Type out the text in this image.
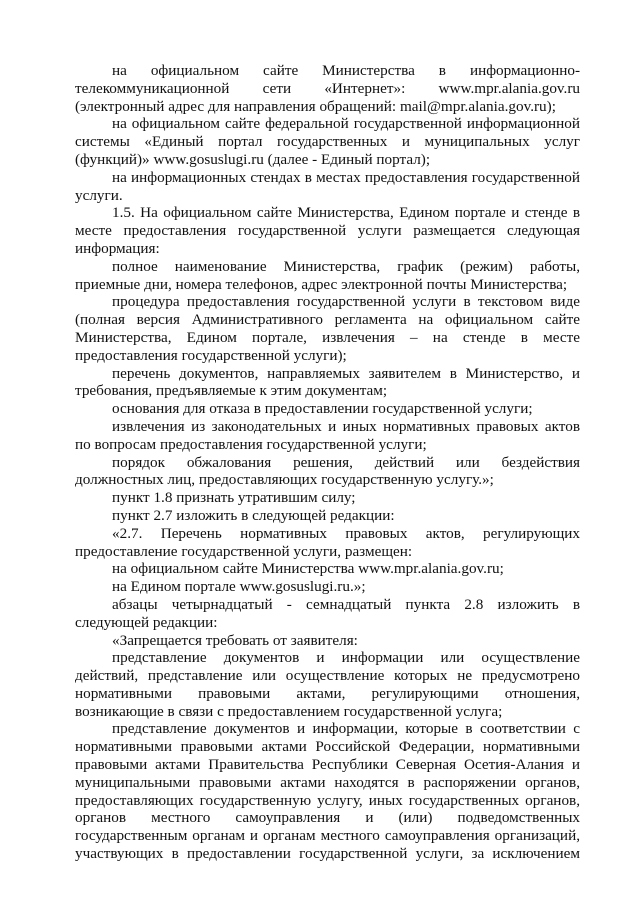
на официальном сайте Министерства в информационно-телекоммуникационной сети «Интернет»: www.mpr.alania.gov.ru (электронный адрес для направления обращений: mail@mpr.alania.gov.ru);

на официальном сайте федеральной государственной информационной системы «Единый портал государственных и муниципальных услуг (функций)» www.gosuslugi.ru (далее - Единый портал);

на информационных стендах в местах предоставления государственной услуги.

1.5. На официальном сайте Министерства, Едином портале и стенде в месте предоставления государственной услуги размещается следующая информация:

полное наименование Министерства, график (режим) работы, приемные дни, номера телефонов, адрес электронной почты Министерства;

процедура предоставления государственной услуги в текстовом виде (полная версия Административного регламента на официальном сайте Министерства, Едином портале, извлечения – на стенде в месте предоставления государственной услуги);

перечень документов, направляемых заявителем в Министерство, и требования, предъявляемые к этим документам;

основания для отказа в предоставлении государственной услуги;

извлечения из законодательных и иных нормативных правовых актов по вопросам предоставления государственной услуги;

порядок обжалования решения, действий или бездействия должностных лиц, предоставляющих государственную услугу.»;

пункт 1.8 признать утратившим силу;

пункт 2.7 изложить в следующей редакции:

«2.7. Перечень нормативных правовых актов, регулирующих предоставление государственной услуги, размещен:

на официальном сайте Министерства www.mpr.alania.gov.ru;

на Едином портале www.gosuslugi.ru.»;

абзацы четырнадцатый - семнадцатый пункта 2.8 изложить в следующей редакции:

«Запрещается требовать от заявителя:

представление документов и информации или осуществление действий, представление или осуществление которых не предусмотрено нормативными правовыми актами, регулирующими отношения, возникающие в связи с предоставлением государственной услуга;

представление документов и информации, которые в соответствии с нормативными правовыми актами Российской Федерации, нормативными правовыми актами Правительства Республики Северная Осетия-Алания и муниципальными правовыми актами находятся в распоряжении органов, предоставляющих государственную услугу, иных государственных органов, органов местного самоуправления и (или) подведомственных государственным органам и органам местного самоуправления организаций, участвующих в предоставлении государственной услуги, за исключением
